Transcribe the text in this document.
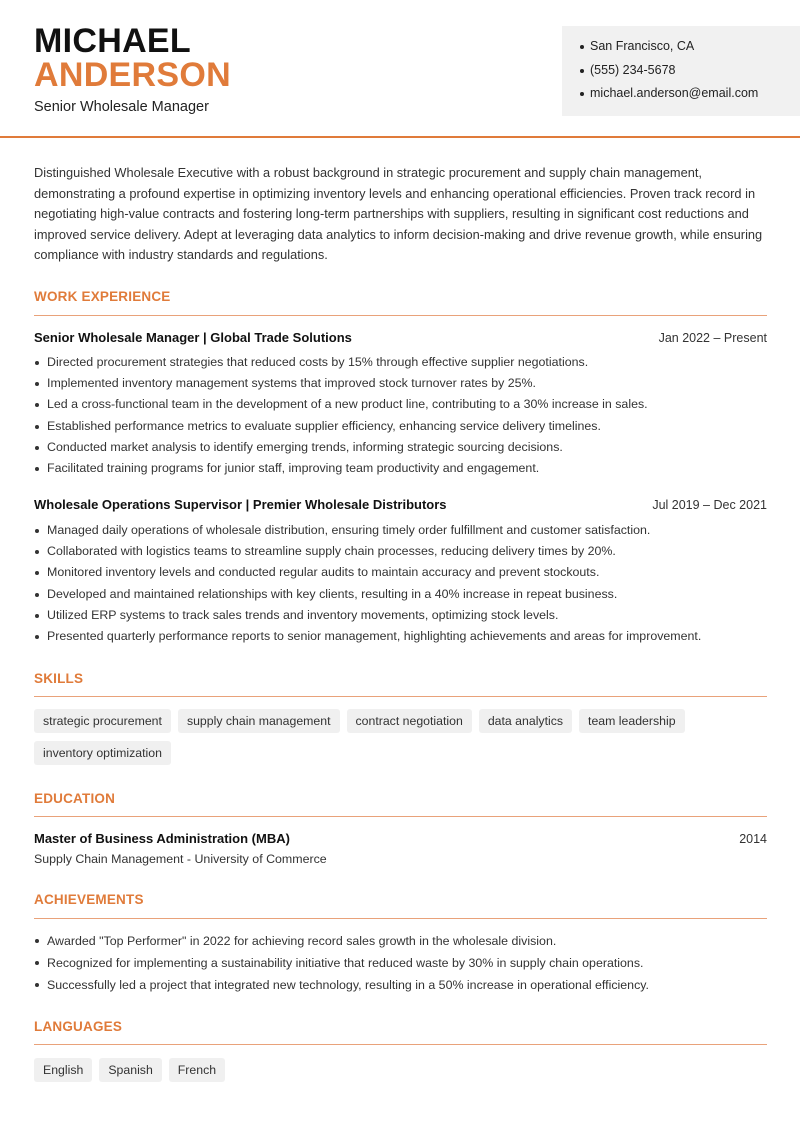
MICHAEL
ANDERSON
Senior Wholesale Manager
San Francisco, CA
(555) 234-5678
michael.anderson@email.com

Distinguished Wholesale Executive with a robust background in strategic procurement and supply chain management, demonstrating a profound expertise in optimizing inventory levels and enhancing operational efficiencies. Proven track record in negotiating high-value contracts and fostering long-term partnerships with suppliers, resulting in significant cost reductions and improved service delivery. Adept at leveraging data analytics to inform decision-making and drive revenue growth, while ensuring compliance with industry standards and regulations.

WORK EXPERIENCE
Senior Wholesale Manager | Global Trade Solutions	Jan 2022 – Present
Directed procurement strategies that reduced costs by 15% through effective supplier negotiations.
Implemented inventory management systems that improved stock turnover rates by 25%.
Led a cross-functional team in the development of a new product line, contributing to a 30% increase in sales.
Established performance metrics to evaluate supplier efficiency, enhancing service delivery timelines.
Conducted market analysis to identify emerging trends, informing strategic sourcing decisions.
Facilitated training programs for junior staff, improving team productivity and engagement.
Wholesale Operations Supervisor | Premier Wholesale Distributors	Jul 2019 – Dec 2021
Managed daily operations of wholesale distribution, ensuring timely order fulfillment and customer satisfaction.
Collaborated with logistics teams to streamline supply chain processes, reducing delivery times by 20%.
Monitored inventory levels and conducted regular audits to maintain accuracy and prevent stockouts.
Developed and maintained relationships with key clients, resulting in a 40% increase in repeat business.
Utilized ERP systems to track sales trends and inventory movements, optimizing stock levels.
Presented quarterly performance reports to senior management, highlighting achievements and areas for improvement.
SKILLS
strategic procurement	supply chain management	contract negotiation	data analytics	team leadership
inventory optimization
EDUCATION
Master of Business Administration (MBA)	2014
Supply Chain Management - University of Commerce
ACHIEVEMENTS
Awarded "Top Performer" in 2022 for achieving record sales growth in the wholesale division.
Recognized for implementing a sustainability initiative that reduced waste by 30% in supply chain operations.
Successfully led a project that integrated new technology, resulting in a 50% increase in operational efficiency.
LANGUAGES
English	Spanish	French
